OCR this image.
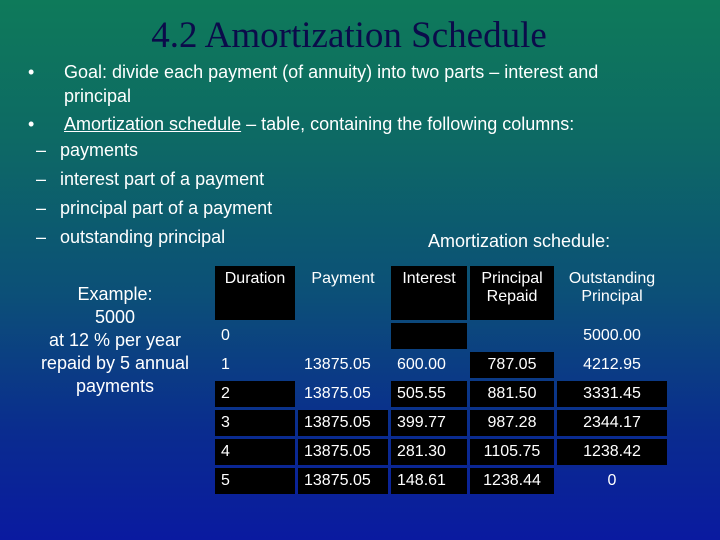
4.2 Amortization Schedule
• Goal: divide each payment (of annuity) into two parts – interest and principal
• Amortization schedule – table, containing the following columns:
– payments
– interest part of a payment
– principal part of a payment
– outstanding principal	Amortization schedule:
Example:
5000
at 12 % per year
repaid by 5 annual
payments
Duration	Payment	Interest	Principal Repaid	Outstanding Principal
0				5000.00
1	13875.05	600.00	787.05	4212.95
2	13875.05	505.55	881.50	3331.45
3	13875.05	399.77	987.28	2344.17
4	13875.05	281.30	1105.75	1238.42
5	13875.05	148.61	1238.44	0
